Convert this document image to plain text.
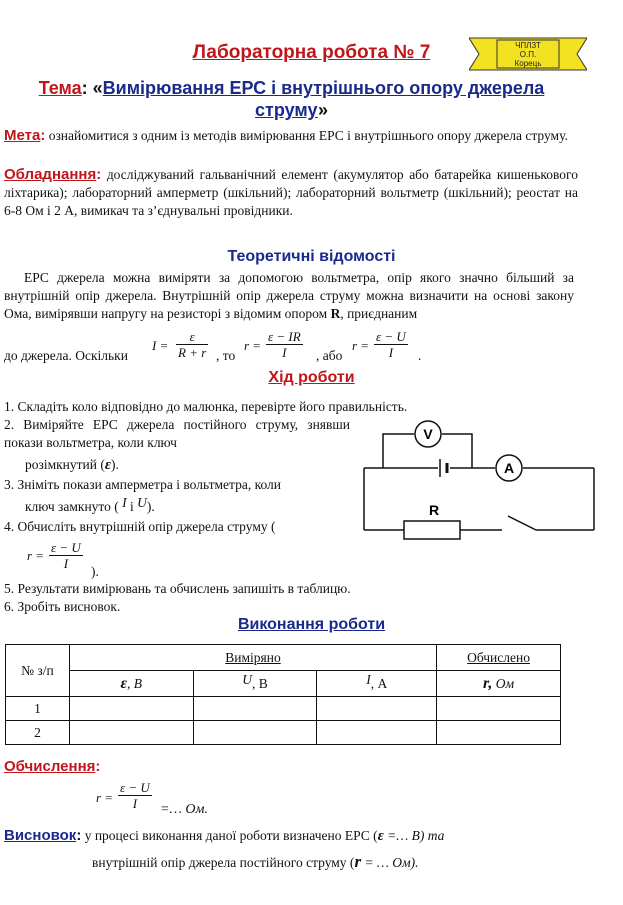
Лабораторна робота № 7	ЧПЛЗТ
О.П.
Корець
Тема: «Вимірювання ЕРС і внутрішнього опору джерела струму»
Мета: ознайомитися з одним із методів вимірювання ЕРС і внутрішнього опору джерела струму.
Обладнання: досліджуваний гальванічний елемент (акумулятор або батарейка кишенькового ліхтарика); лабораторний амперметр (шкільний); лабораторний вольтметр (шкільний); реостат на 6-8 Ом і 2 А, вимикач та з’єднувальні провідники.
Теоретичні відомості
ЕРС джерела можна виміряти за допомогою вольтметра, опір якого значно більший за внутрішній опір джерела. Внутрішній опір джерела струму можна визначити на основі закону Ома, вимірявши напругу на резисторі з відомим опором R, приєднаним
до джерела. Оскільки
$I = \frac{\varepsilon}{R + r}$ , то
$r = \frac{\varepsilon - IR}{I}$ , або
$r = \frac{\varepsilon - U}{I}$ .
Хід роботи
1. Складіть коло відповідно до малюнка, перевірте його правильність.
2. Виміряйте ЕРС джерела постійного струму, знявши покази вольтметра, коли ключ
розімкнутий (ε).
3. Зніміть покази амперметра і вольтметра, коли
ключ замкнуто ( I і U).
4. Обчисліть внутрішній опір джерела струму (
$r = \frac{\varepsilon - U}{I}$
).
5. Результати вимірювань та обчислень запишіть в таблицю.
6. Зробіть висновок.
V
A
R
Виконання роботи
№ з/п	Виміряно			Обчислено
	ε, В	U, В	I, А	r, Ом
1				
2				
Обчислення:
$r = \frac{\varepsilon - U}{I}$ =… Ом.
Висновок: у процесі виконання даної роботи визначено ЕРС (ε =… В) та
внутрішній опір джерела постійного струму (r = … Ом).
